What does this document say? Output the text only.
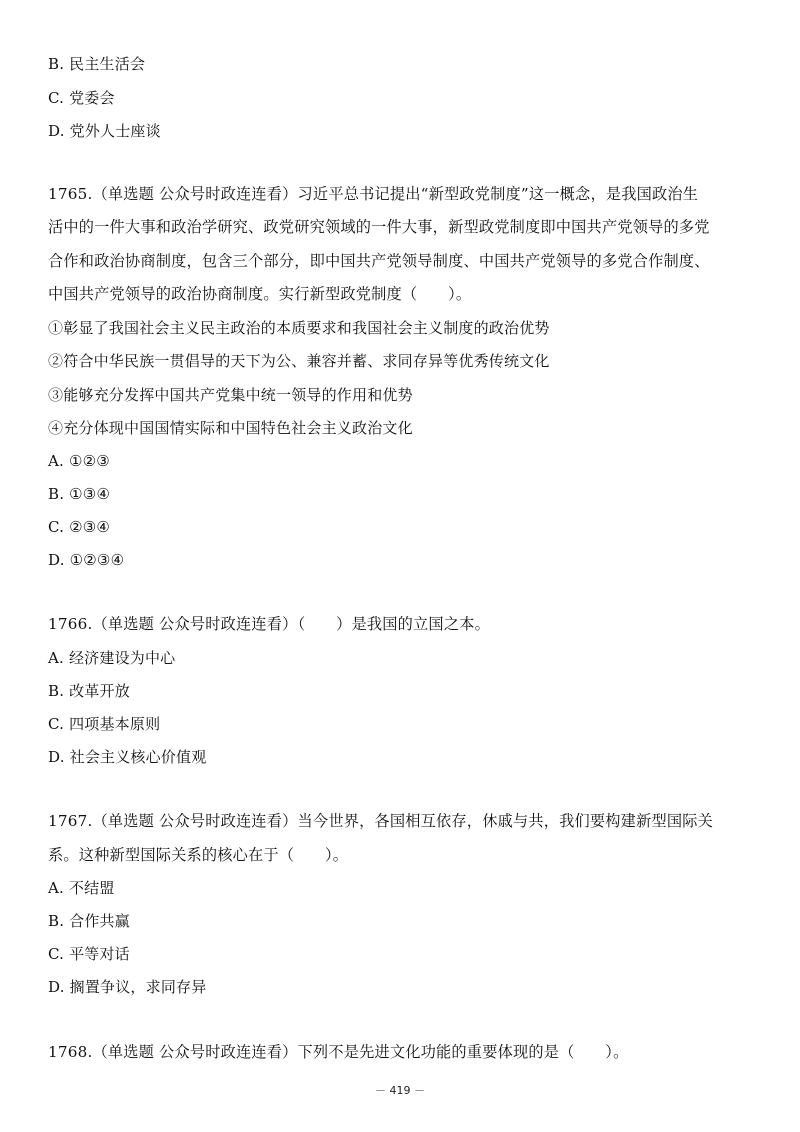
B. 民主生活会
C. 党委会
D. 党外人士座谈
1765.（单选题 公众号时政连连看）习近平总书记提出“新型政党制度”这一概念，是我国政治生
活中的一件大事和政治学研究、政党研究领域的一件大事，新型政党制度即中国共产党领导的多党
合作和政治协商制度，包含三个部分，即中国共产党领导制度、中国共产党领导的多党合作制度、
中国共产党领导的政治协商制度。实行新型政党制度（　　）。
①彰显了我国社会主义民主政治的本质要求和我国社会主义制度的政治优势
②符合中华民族一贯倡导的天下为公、兼容并蓄、求同存异等优秀传统文化
③能够充分发挥中国共产党集中统一领导的作用和优势
④充分体现中国国情实际和中国特色社会主义政治文化
A. ①②③
B. ①③④
C. ②③④
D. ①②③④
1766.（单选题 公众号时政连连看）（　　）是我国的立国之本。
A. 经济建设为中心
B. 改革开放
C. 四项基本原则
D. 社会主义核心价值观
1767.（单选题 公众号时政连连看）当今世界，各国相互依存，休戚与共，我们要构建新型国际关
系。这种新型国际关系的核心在于（　　）。
A. 不结盟
B. 合作共赢
C. 平等对话
D. 搁置争议，求同存异
1768.（单选题 公众号时政连连看）下列不是先进文化功能的重要体现的是（　　）。
－ 419 －
